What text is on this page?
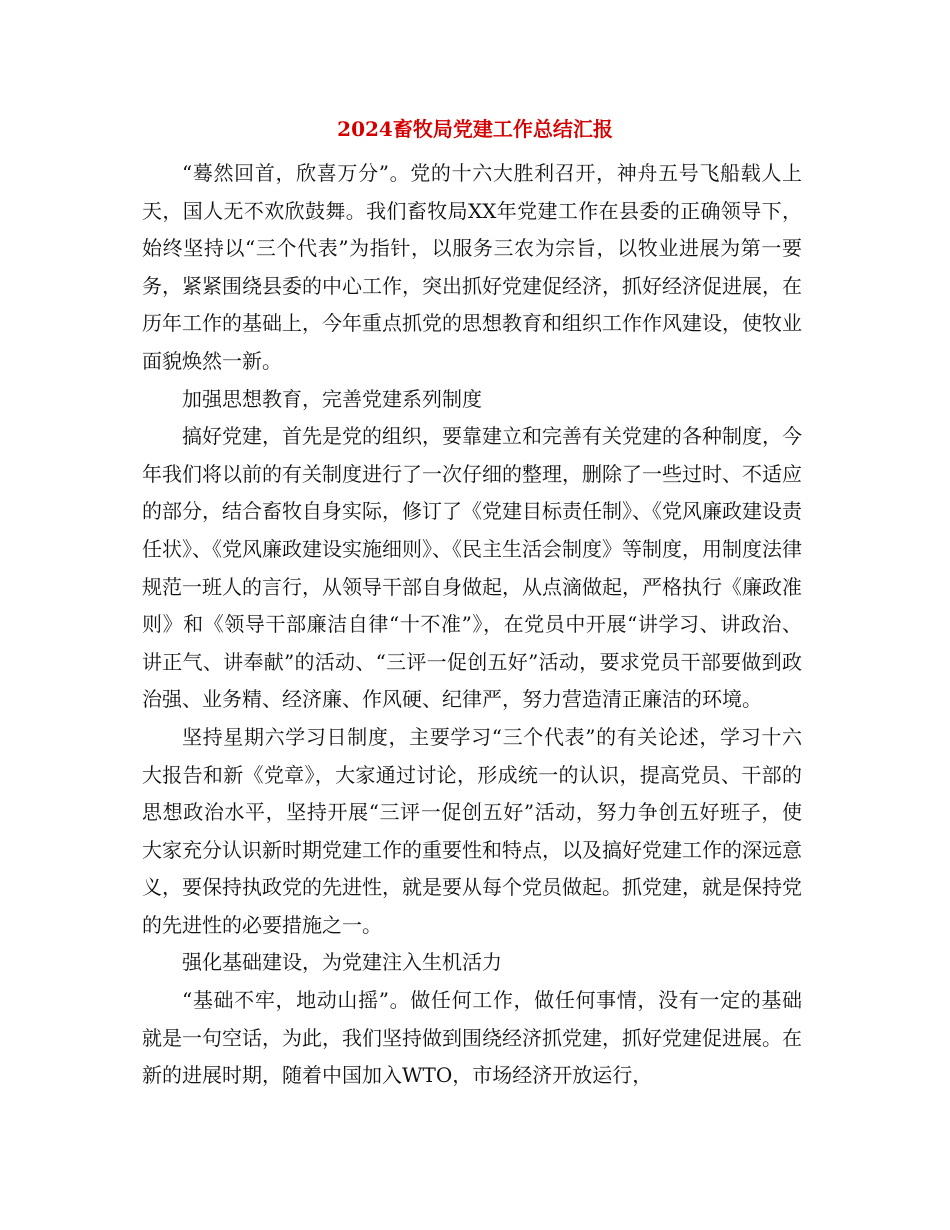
2024畜牧局党建工作总结汇报

“蓦然回首，欣喜万分”。党的十六大胜利召开，神舟五号飞船载人上天，国人无不欢欣鼓舞。我们畜牧局XX年党建工作在县委的正确领导下，始终坚持以“三个代表”为指针，以服务三农为宗旨，以牧业进展为第一要务，紧紧围绕县委的中心工作，突出抓好党建促经济，抓好经济促进展，在历年工作的基础上，今年重点抓党的思想教育和组织工作作风建设，使牧业面貌焕然一新。

加强思想教育，完善党建系列制度

搞好党建，首先是党的组织，要靠建立和完善有关党建的各种制度，今年我们将以前的有关制度进行了一次仔细的整理，删除了一些过时、不适应的部分，结合畜牧自身实际，修订了《党建目标责任制》、《党风廉政建设责任状》、《党风廉政建设实施细则》、《民主生活会制度》等制度，用制度法律规范一班人的言行，从领导干部自身做起，从点滴做起，严格执行《廉政准则》和《领导干部廉洁自律“十不准”》，在党员中开展“讲学习、讲政治、讲正气、讲奉献”的活动、“三评一促创五好”活动，要求党员干部要做到政治强、业务精、经济廉、作风硬、纪律严，努力营造清正廉洁的环境。

坚持星期六学习日制度，主要学习“三个代表”的有关论述，学习十六大报告和新《党章》，大家通过讨论，形成统一的认识，提高党员、干部的思想政治水平，坚持开展“三评一促创五好”活动，努力争创五好班子，使大家充分认识新时期党建工作的重要性和特点，以及搞好党建工作的深远意义，要保持执政党的先进性，就是要从每个党员做起。抓党建，就是保持党的先进性的必要措施之一。

强化基础建设，为党建注入生机活力

“基础不牢，地动山摇”。做任何工作，做任何事情，没有一定的基础就是一句空话，为此，我们坚持做到围绕经济抓党建，抓好党建促进展。在新的进展时期，随着中国加入WTO，市场经济开放运行，
